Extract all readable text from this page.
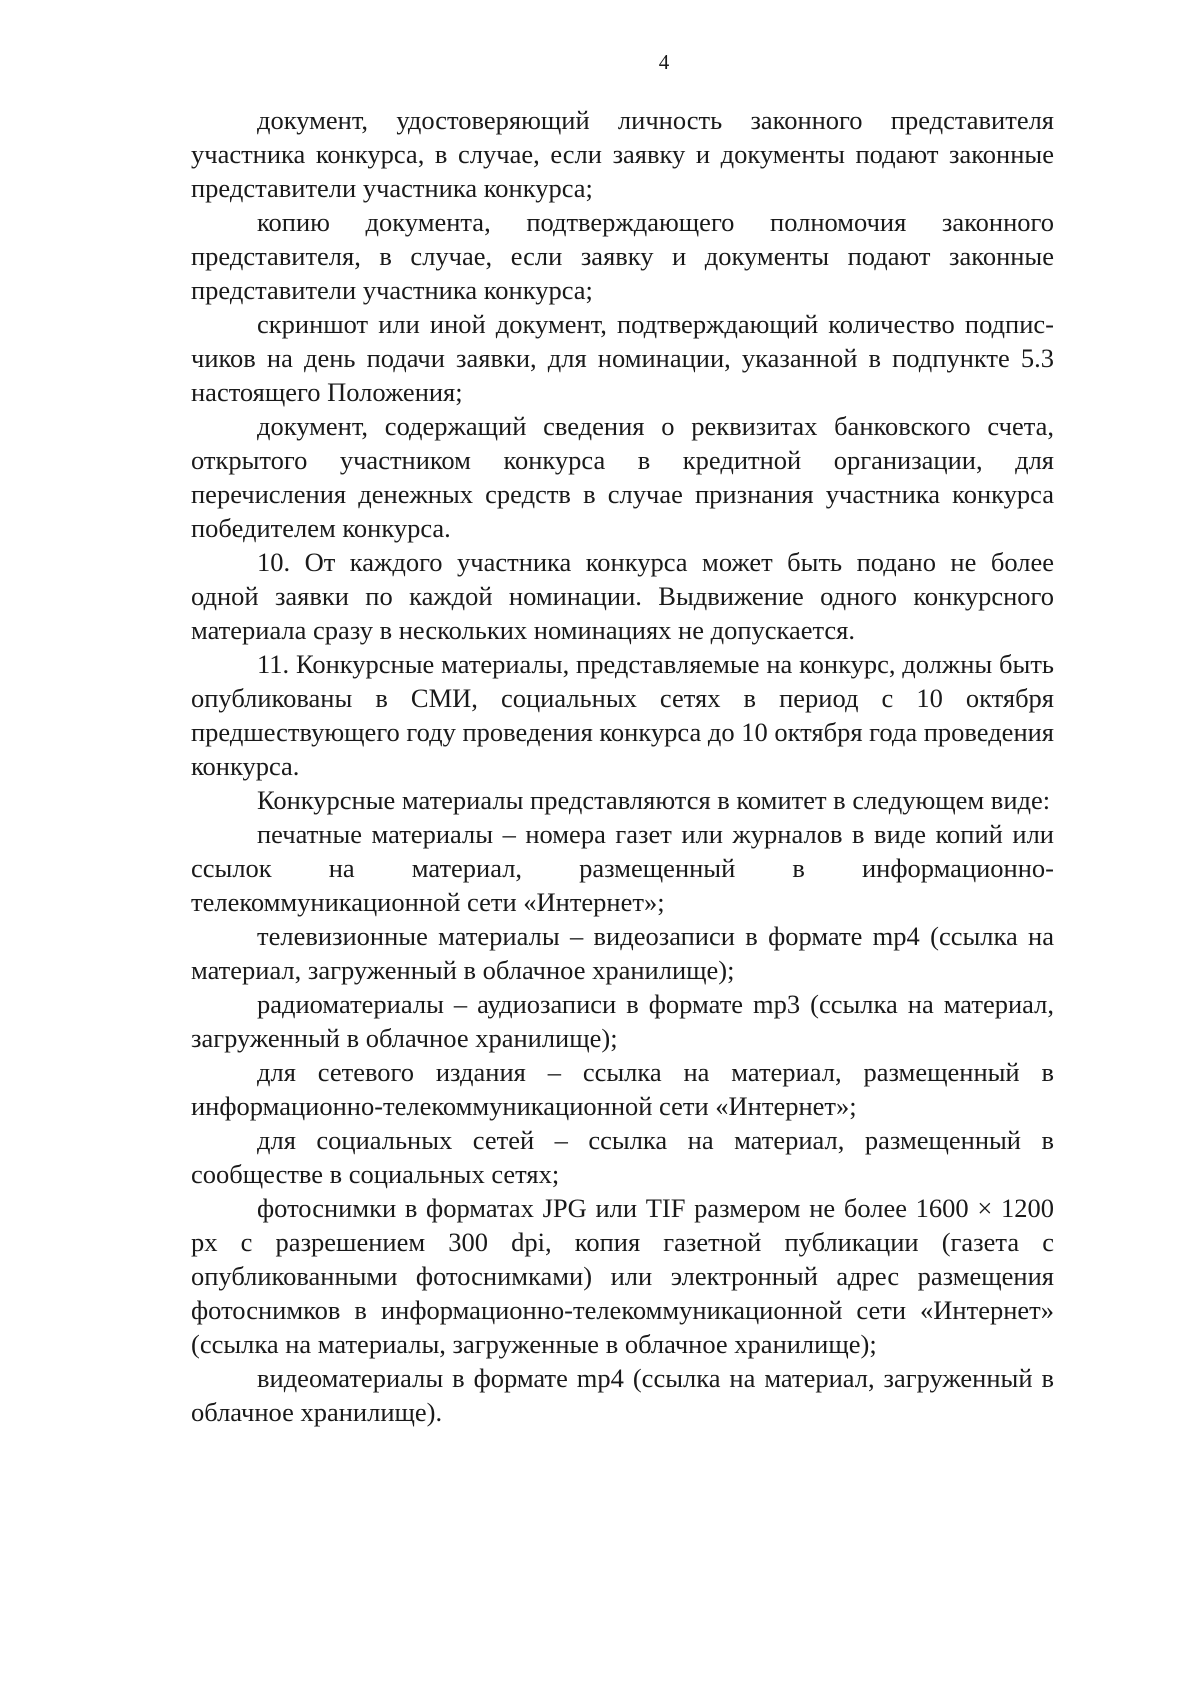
4

документ, удостоверяющий личность законного представителя участника конкурса, в случае, если заявку и документы подают законные представители участника конкурса;

копию документа, подтверждающего полномочия законного представителя, в случае, если заявку и документы подают законные представители участника конкурса;

скриншот или иной документ, подтверждающий количество подписчиков на день подачи заявки, для номинации, указанной в подпункте 5.3 настоящего Положения;

документ, содержащий сведения о реквизитах банковского счета, открытого участником конкурса в кредитной организации, для перечисления денежных средств в случае признания участника конкурса победителем конкурса.

10. От каждого участника конкурса может быть подано не более одной заявки по каждой номинации. Выдвижение одного конкурсного материала сразу в нескольких номинациях не допускается.

11. Конкурсные материалы, представляемые на конкурс, должны быть опубликованы в СМИ, социальных сетях в период с 10 октября предшествующего году проведения конкурса до 10 октября года проведения конкурса.

Конкурсные материалы представляются в комитет в следующем виде:

печатные материалы – номера газет или журналов в виде копий или ссылок на материал, размещенный в информационно-телекоммуникационной сети «Интернет»;

телевизионные материалы – видеозаписи в формате mp4 (ссылка на материал, загруженный в облачное хранилище);

радиоматериалы – аудиозаписи в формате mp3 (ссылка на материал, загруженный в облачное хранилище);

для сетевого издания – ссылка на материал, размещенный в информационно-телекоммуникационной сети «Интернет»;

для социальных сетей – ссылка на материал, размещенный в сообществе в социальных сетях;

фотоснимки в форматах JPG или TIF размером не более 1600 × 1200 px с разрешением 300 dpi, копия газетной публикации (газета с опубликованными фотоснимками) или электронный адрес размещения фотоснимков в информационно-телекоммуникационной сети «Интернет» (ссылка на материалы, загруженные в облачное хранилище);

видеоматериалы в формате mp4 (ссылка на материал, загруженный в облачное хранилище).
